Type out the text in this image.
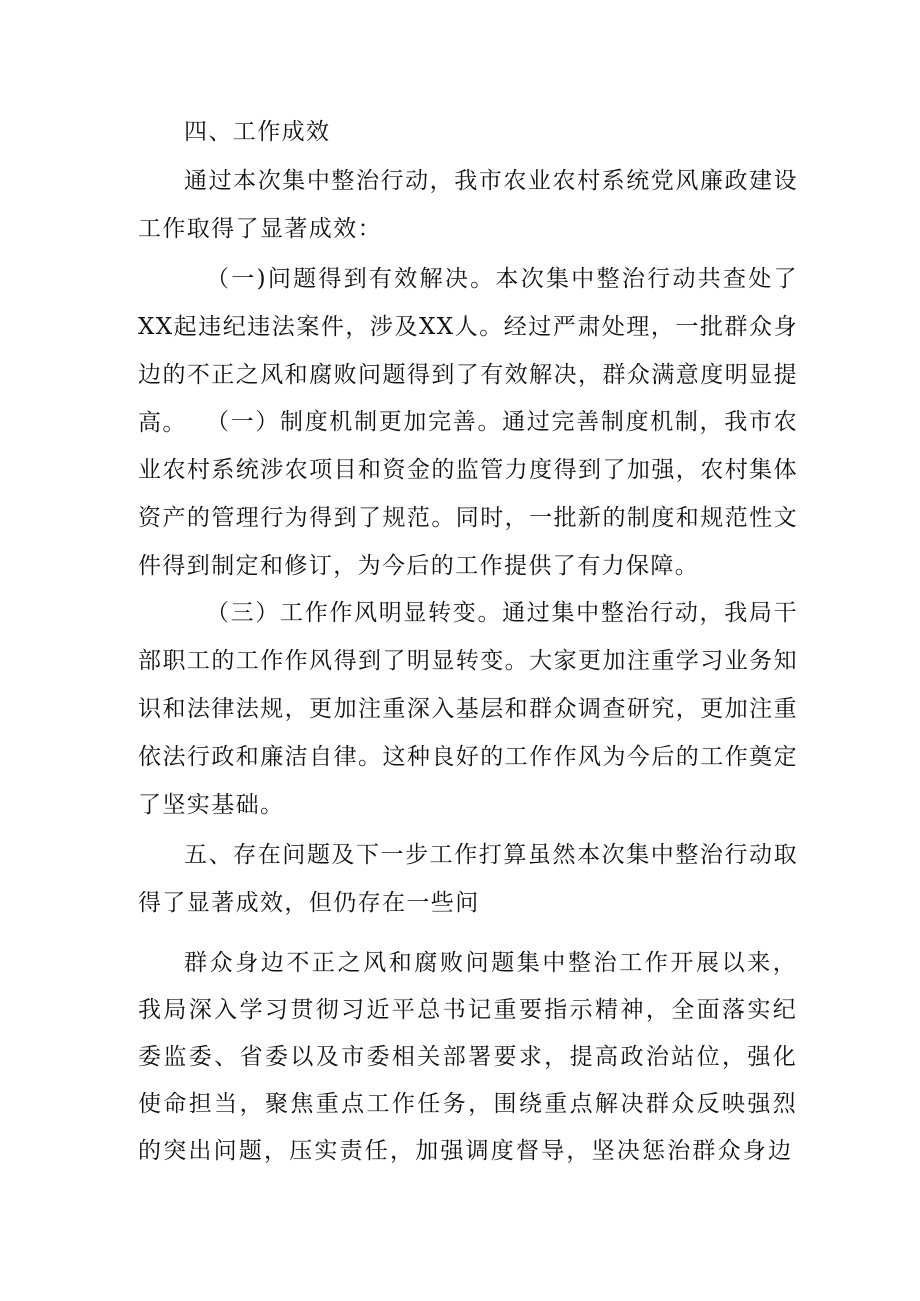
四、工作成效

通过本次集中整治行动，我市农业农村系统党风廉政建设工作取得了显著成效：

（一)问题得到有效解决。本次集中整治行动共查处了XX起违纪违法案件，涉及XX人。经过严肃处理，一批群众身边的不正之风和腐败问题得到了有效解决，群众满意度明显提高。 （一）制度机制更加完善。通过完善制度机制，我市农业农村系统涉农项目和资金的监管力度得到了加强，农村集体资产的管理行为得到了规范。同时，一批新的制度和规范性文件得到制定和修订，为今后的工作提供了有力保障。

（三）工作作风明显转变。通过集中整治行动，我局干部职工的工作作风得到了明显转变。大家更加注重学习业务知识和法律法规，更加注重深入基层和群众调查研究，更加注重依法行政和廉洁自律。这种良好的工作作风为今后的工作奠定了坚实基础。

五、存在问题及下一步工作打算虽然本次集中整治行动取得了显著成效，但仍存在一些问

群众身边不正之风和腐败问题集中整治工作开展以来，我局深入学习贯彻习近平总书记重要指示精神，全面落实纪委监委、省委以及市委相关部署要求，提高政治站位，强化使命担当，聚焦重点工作任务，围绕重点解决群众反映强烈的突出问题，压实责任，加强调度督导，坚决惩治群众身边
